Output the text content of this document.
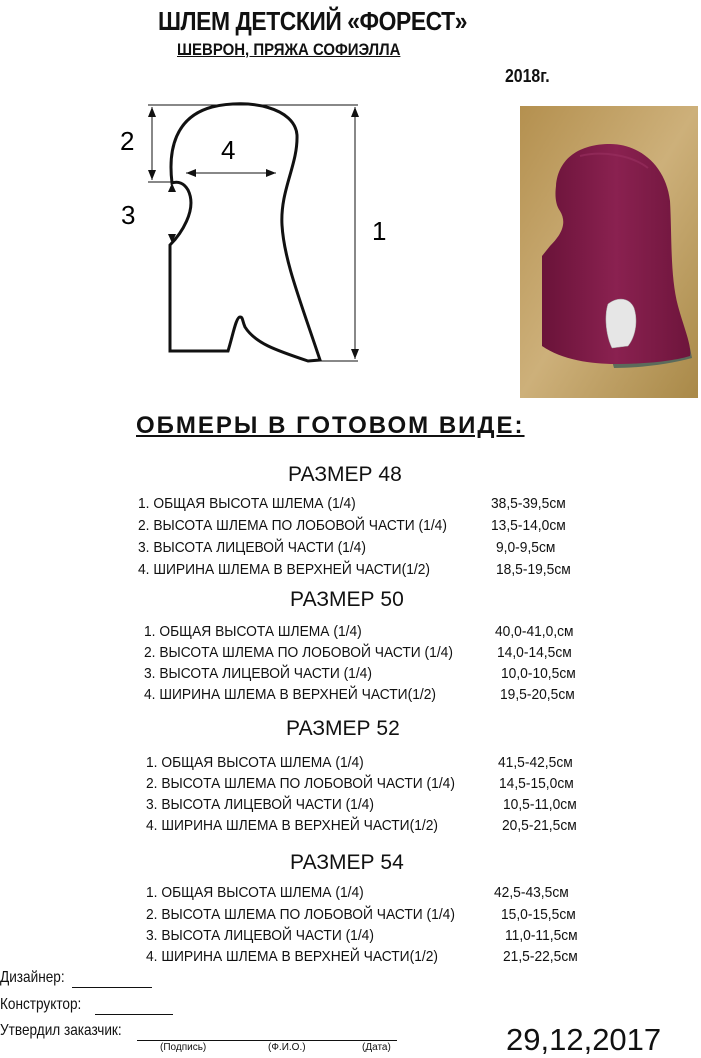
ШЛЕМ ДЕТСКИЙ «ФОРЕСТ»
ШЕВРОН, ПРЯЖА СОФИЭЛЛА
2018г.
2	4
3
1
ОБМЕРЫ В ГОТОВОМ ВИДЕ:
РАЗМЕР 48
1. ОБЩАЯ ВЫСОТА ШЛЕМА (1/4)	38,5-39,5см
2. ВЫСОТА ШЛЕМА ПО ЛОБОВОЙ ЧАСТИ (1/4)	13,5-14,0см
3. ВЫСОТА ЛИЦЕВОЙ ЧАСТИ (1/4)	9,0-9,5см
4. ШИРИНА ШЛЕМА В ВЕРХНЕЙ ЧАСТИ(1/2)	18,5-19,5см
РАЗМЕР 50
1. ОБЩАЯ ВЫСОТА ШЛЕМА (1/4)	40,0-41,0,см
2. ВЫСОТА ШЛЕМА ПО ЛОБОВОЙ ЧАСТИ (1/4)	14,0-14,5см
3. ВЫСОТА ЛИЦЕВОЙ ЧАСТИ (1/4)	10,0-10,5см
4. ШИРИНА ШЛЕМА В ВЕРХНЕЙ ЧАСТИ(1/2)	19,5-20,5см
РАЗМЕР 52
1. ОБЩАЯ ВЫСОТА ШЛЕМА (1/4)	41,5-42,5см
2. ВЫСОТА ШЛЕМА ПО ЛОБОВОЙ ЧАСТИ (1/4)	14,5-15,0см
3. ВЫСОТА ЛИЦЕВОЙ ЧАСТИ (1/4)	10,5-11,0см
4. ШИРИНА ШЛЕМА В ВЕРХНЕЙ ЧАСТИ(1/2)	20,5-21,5см
РАЗМЕР 54
1. ОБЩАЯ ВЫСОТА ШЛЕМА (1/4)	42,5-43,5см
2. ВЫСОТА ШЛЕМА ПО ЛОБОВОЙ ЧАСТИ (1/4)	15,0-15,5см
3. ВЫСОТА ЛИЦЕВОЙ ЧАСТИ (1/4)	11,0-11,5см
4. ШИРИНА ШЛЕМА В ВЕРХНЕЙ ЧАСТИ(1/2)	21,5-22,5см
Дизайнер:
Конструктор:
Утвердил заказчик:
(Подпись)	(Ф.И.О.)	(Дата)	29,12,2017
